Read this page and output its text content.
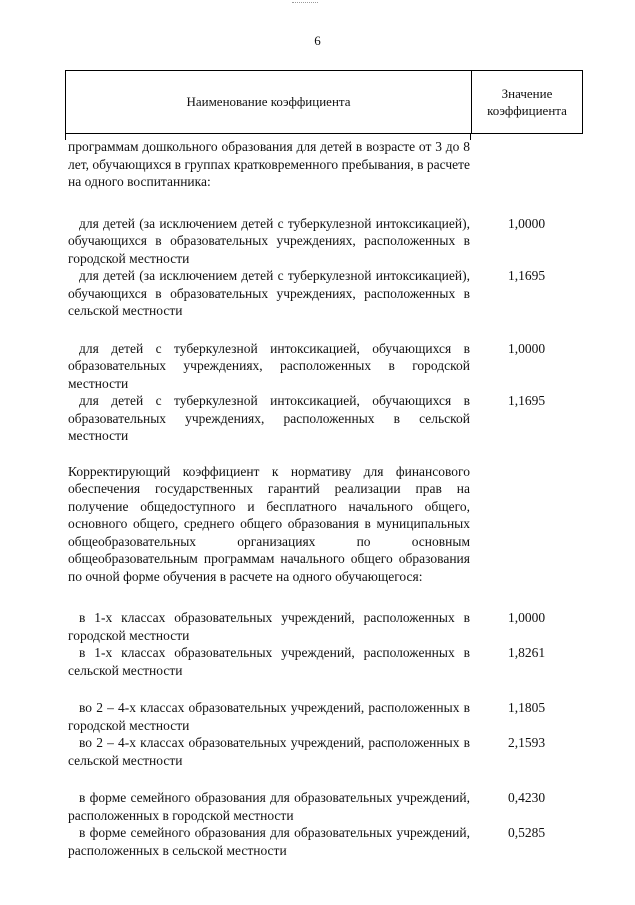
6
Наименование коэффициента
Значение
коэффициента
программам дошкольного образования для детей в возрасте от 3 до 8 лет, обучающихся в группах кратковременного пребывания, в расчете на одного воспитанника:
для детей (за исключением детей с туберкулезной интоксикацией), обучающихся в образовательных учреждениях, расположенных в городской местности
1,0000
для детей (за исключением детей с туберкулезной интоксикацией), обучающихся в образовательных учреждениях, расположенных в сельской местности
1,1695
для детей с туберкулезной интоксикацией, обучающихся в образовательных учреждениях, расположенных в городской местности
1,0000
для детей с туберкулезной интоксикацией, обучающихся в образовательных учреждениях, расположенных в сельской местности
1,1695
Корректирующий коэффициент к нормативу для финансового обеспечения государственных гарантий реализации прав на получение общедоступного и бесплатного начального общего, основного общего, среднего общего образования в муниципальных общеобразовательных организациях по основным общеобразовательным программам начального общего образования по очной форме обучения в расчете на одного обучающегося:
в 1-х классах образовательных учреждений, расположенных в городской местности
1,0000
в 1-х классах образовательных учреждений, расположенных в сельской местности
1,8261
во 2 – 4-х классах образовательных учреждений, расположенных в городской местности
1,1805
во 2 – 4-х классах образовательных учреждений, расположенных в сельской местности
2,1593
в форме семейного образования для образовательных учреждений, расположенных в городской местности
0,4230
в форме семейного образования для образовательных учреждений, расположенных в сельской местности
0,5285
